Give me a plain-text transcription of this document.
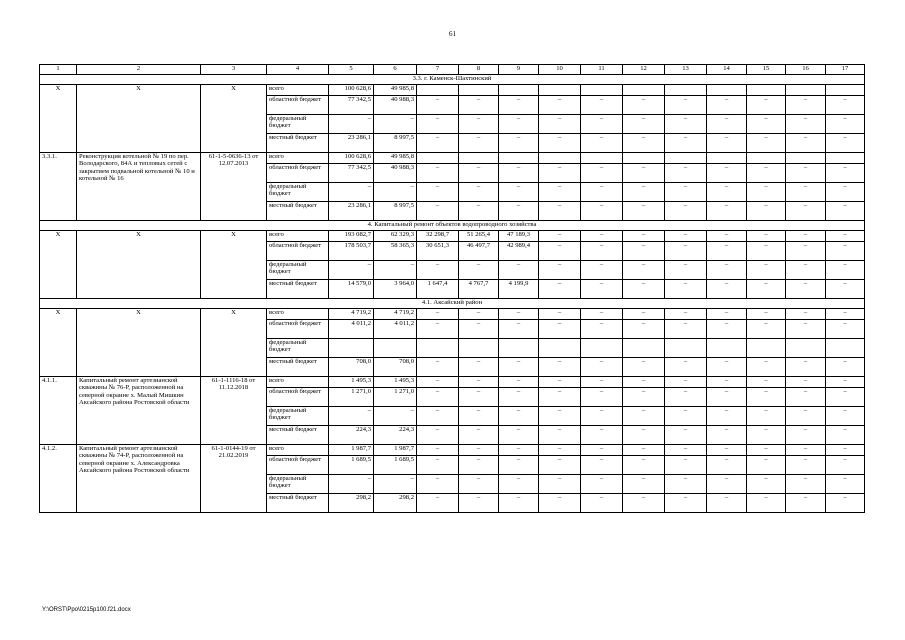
61
1	2	3	4	5	6	7	8	9	10	11	12	13	14	15	16	17
3.3. г. Каменск-Шахтинский																
X	X	X	всего	100 628,6	49 985,8											
			областной бюджет	77 342,5	40 988,3	–	–	–	–	–	–	–	–	–	–	–
			федеральный бюджет	–	–	–	–	–	–	–	–	–	–	–	–	–
			местный бюджет	23 286,1	8 997,5	–	–	–	–	–	–	–	–	–	–	–
3.3.1.	Реконструкция котельной № 19 по пер. Володарского, 84А и тепловых сетей с закрытием подвальной котельной № 10 и котельной № 16	61-1-5-0636-13 от 12.07.2013	всего	100 628,6	49 985,8											
			областной бюджет	77 342,5	40 988,3	–	–	–	–	–	–	–	–	–	–	–
			федеральный бюджет	–	–	–	–	–	–	–	–	–	–	–	–	–
			местный бюджет	23 286,1	8 997,5	–	–	–	–	–	–	–	–	–	–	–
4. Капитальный ремонт объектов водопроводного хозяйства																
X	X	X	всего	193 082,7	62 329,3	32 298,7	51 265,4	47 189,3	–	–	–	–	–	–	–	–
			областной бюджет	178 503,7	58 365,3	30 651,3	46 497,7	42 989,4	–	–	–	–	–	–	–	–
			федеральный бюджет	–	–	–	–	–	–	–	–	–	–	–	–	–
			местный бюджет	14 579,0	3 964,0	1 647,4	4 767,7	4 199,9	–	–	–	–	–	–	–	–
4.1. Аксайский район																
X	X	X	всего	4 719,2	4 719,2	–	–	–	–	–	–	–	–	–	–	–
			областной бюджет	4 011,2	4 011,2	–	–	–	–	–	–	–	–	–	–	–
			федеральный бюджет													
			местный бюджет	708,0	708,0	–	–	–	–	–	–	–	–	–	–	–
4.1.1.	Капитальный ремонт артезианской скважины № 76-Р, расположенной на северной окраине х. Малый Мишкин Аксайского района Ростовской области	61-1-1116-18 от 11.12.2018	всего	1 495,3	1 495,3	–	–	–	–	–	–	–	–	–	–	–
			областной бюджет	1 271,0	1 271,0	–	–	–	–	–	–	–	–	–	–	–
			федеральный бюджет	–	–	–	–	–	–	–	–	–	–	–	–	–
			местный бюджет	224,3	224,3	–	–	–	–	–	–	–	–	–	–	–
4.1.2.	Капитальный ремонт артезианской скважины № 74-Р, расположенной на северной окраине х. Александровка Аксайского района Ростовской области	61-1-0144-19 от 21.02.2019	всего	1 987,7	1 987,7	–	–	–	–	–	–	–	–	–	–	–
			областной бюджет	1 689,5	1 689,5	–	–	–	–	–	–	–	–	–	–	–
			федеральный бюджет	–	–	–	–	–	–	–	–	–	–	–	–	–
			местный бюджет	298,2	298,2	–	–	–	–	–	–	–	–	–	–	–
Y:\ORST\Ppo\0215p100.f21.docx
